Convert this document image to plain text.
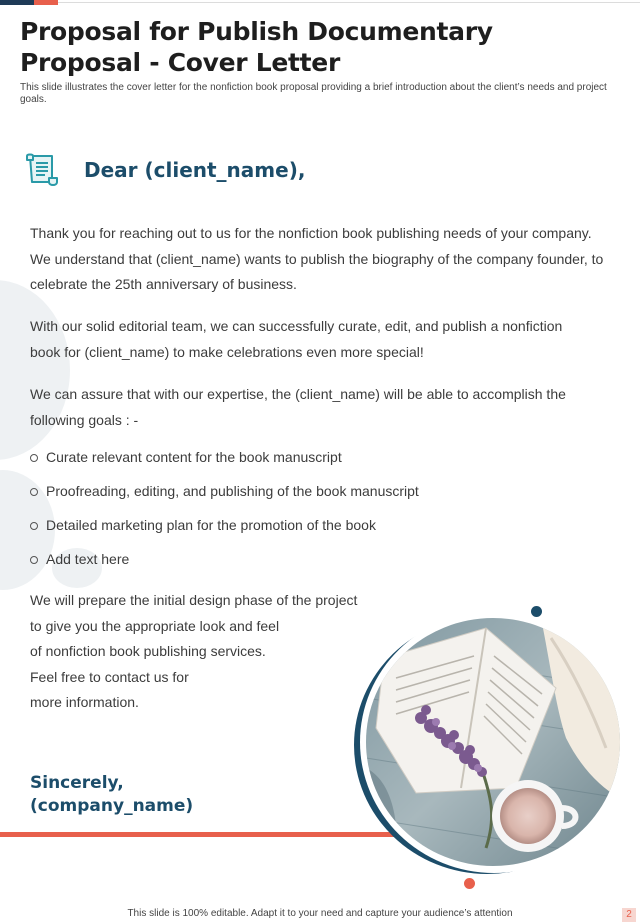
Proposal for Publish Documentary Proposal - Cover Letter

This slide illustrates the cover letter for the nonfiction book proposal providing a brief introduction about the client’s needs and project goals.

Dear (client_name),

Thank you for reaching out to us for the nonfiction book publishing needs of your company. We understand that (client_name) wants to publish the biography of the company founder, to celebrate the 25th anniversary of business.

With our solid editorial team, we can successfully curate, edit, and publish a nonfiction book for (client_name) to make celebrations even more special!

We can assure that with our expertise, the (client_name) will be able to accomplish the following goals : -

Curate relevant content for the book manuscript
Proofreading, editing, and publishing of the book manuscript
Detailed marketing plan for the promotion of the book
Add text here

We will prepare the initial design phase of the project
to give you the appropriate look and feel
of nonfiction book publishing services.
Feel free to contact us for
more information.

Sincerely,
(company_name)

This slide is 100% editable. Adapt it to your need and capture your audience’s attention	2
